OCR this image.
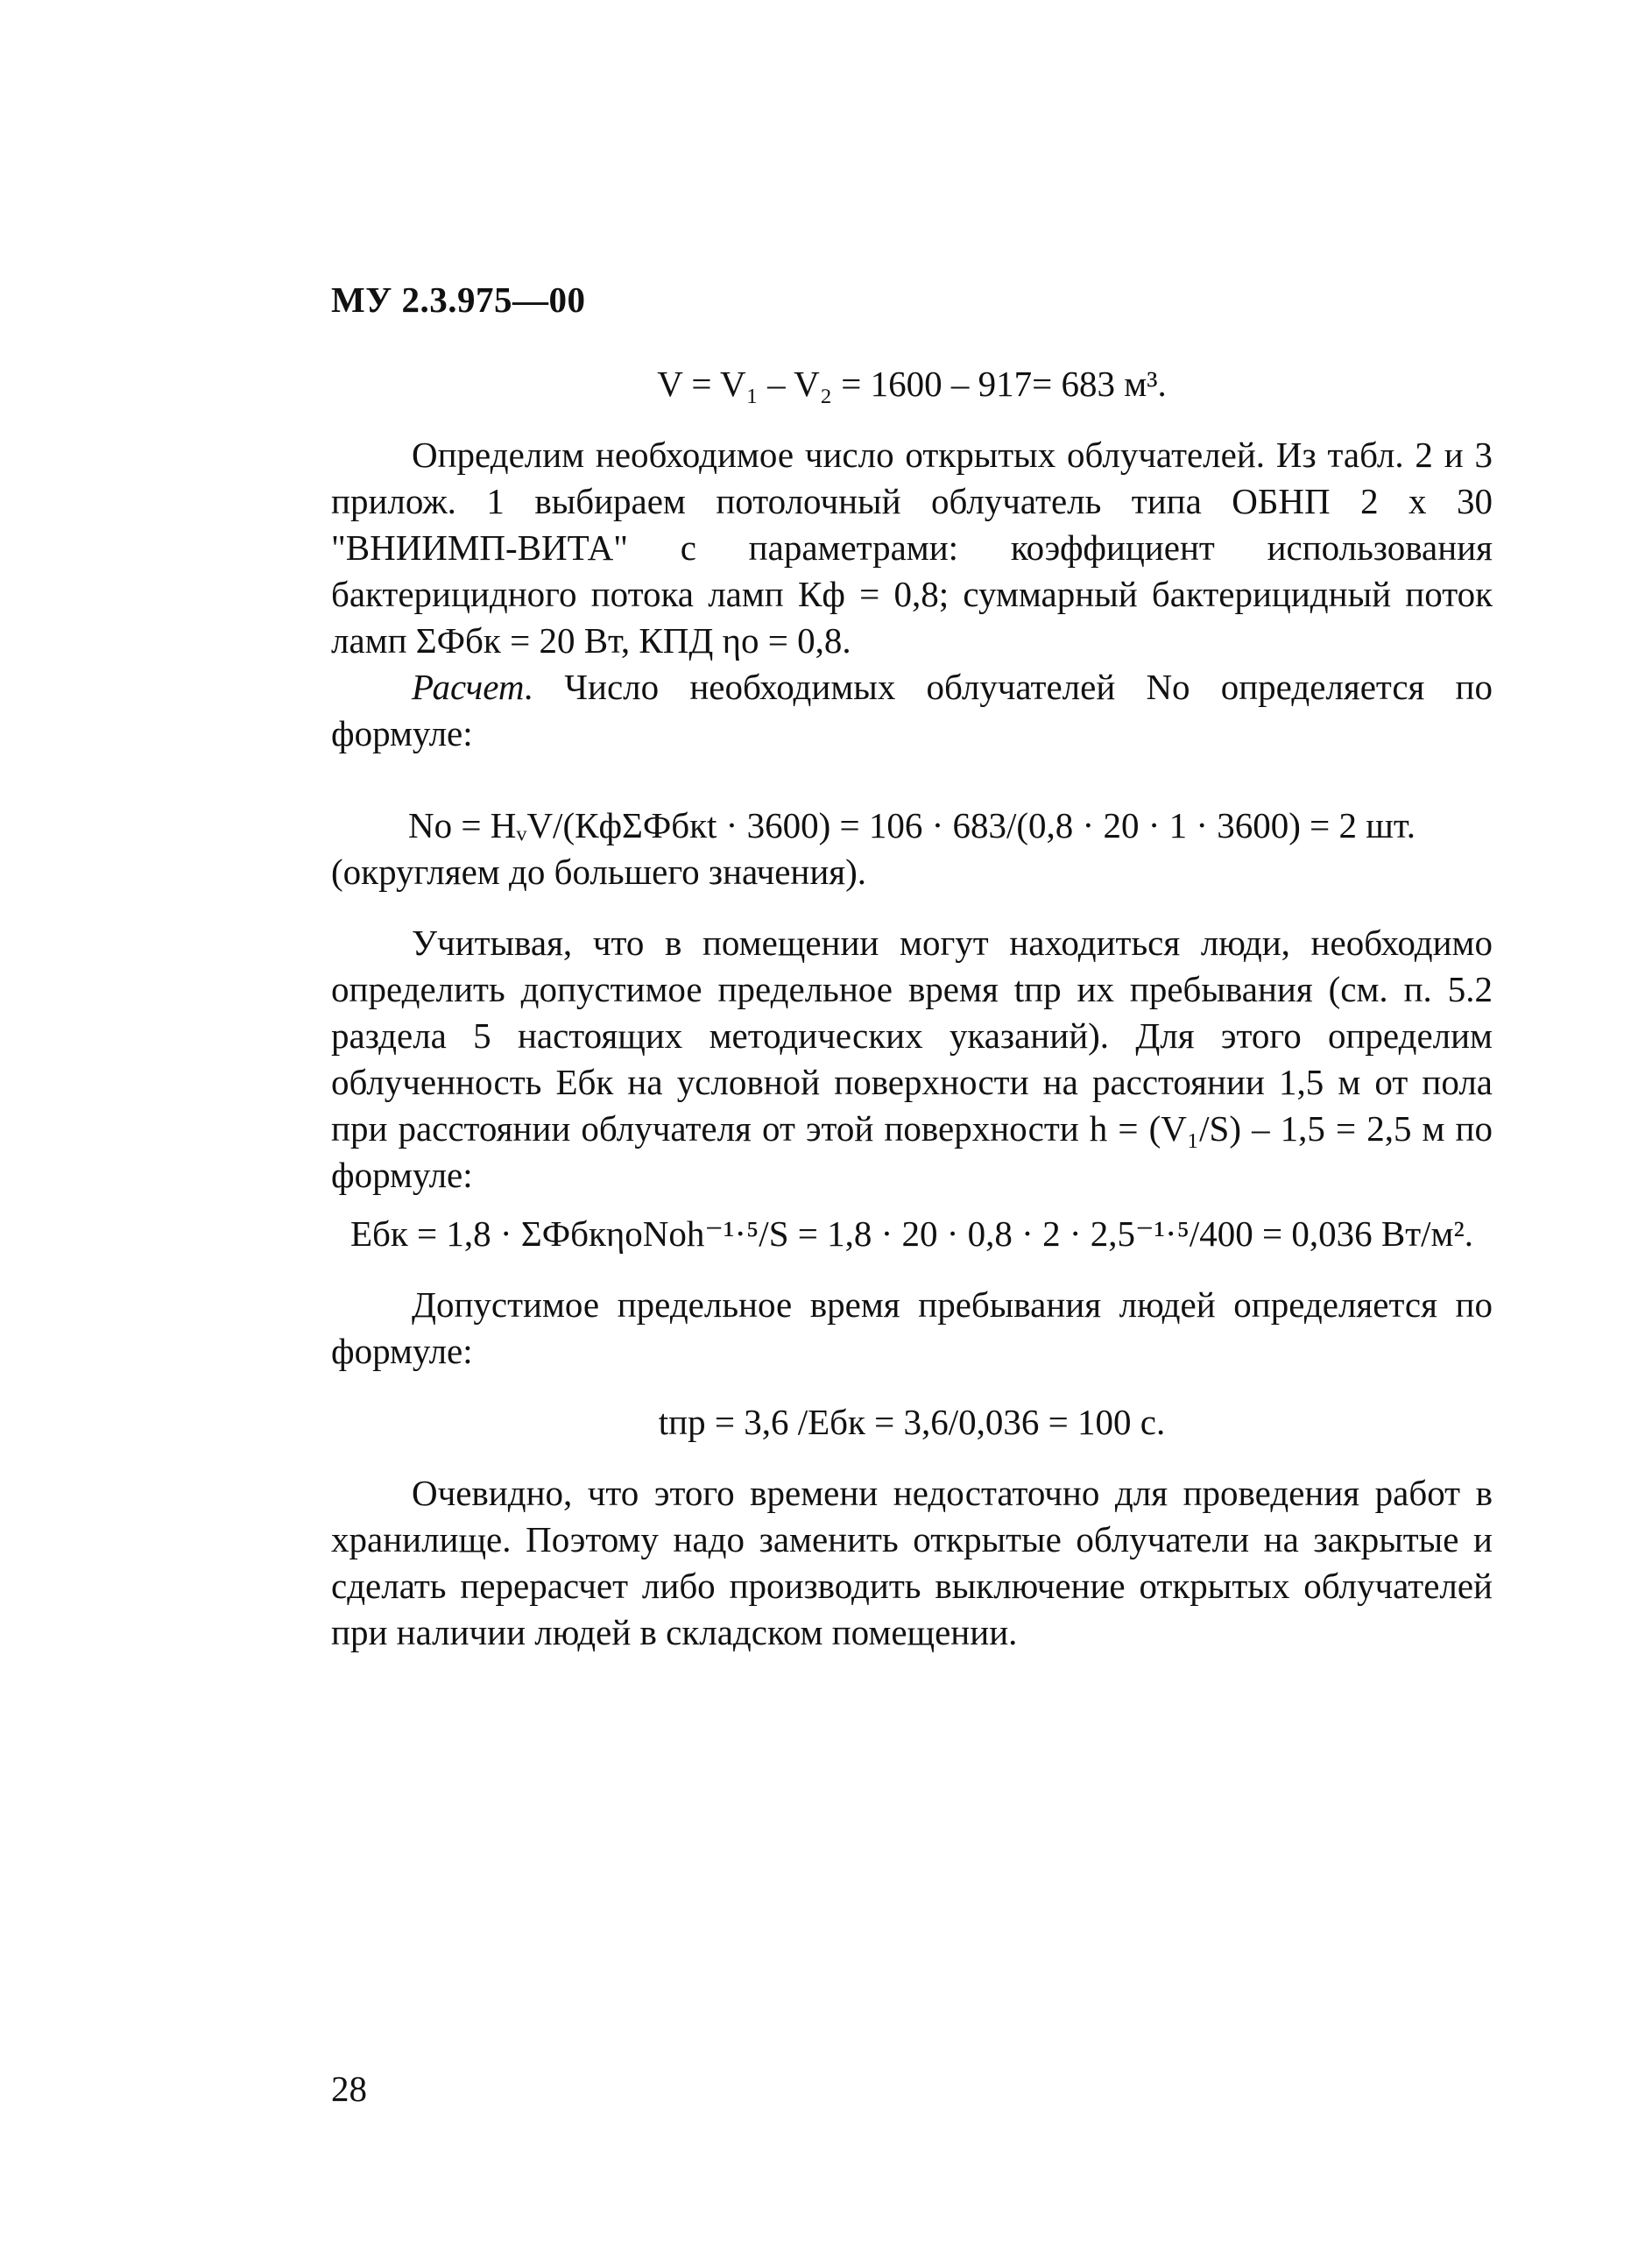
МУ 2.3.975—00
V = V₁ – V₂ = 1600 – 917= 683 м³.

Определим необходимое число открытых облучателей. Из табл. 2 и 3 прилож. 1 выбираем потолочный облучатель типа ОБНП 2 х 30 "ВНИИМП-ВИТА" с параметрами: коэффициент использования бактерицидного потока ламп Кф = 0,8; суммарный бактерицидный поток ламп ΣФбк = 20 Вт, КПД ηо = 0,8.

Расчет. Число необходимых облучателей Nо определяется по формуле:

Nо = HᵥV/(КфΣФбкt · 3600) = 106 · 683/(0,8 · 20 · 1 · 3600) = 2 шт.

(округляем до большего значения).

Учитывая, что в помещении могут находиться люди, необходимо определить допустимое предельное время tпр их пребывания (см. п. 5.2 раздела 5 настоящих методических указаний). Для этого определим облученность Eбк на условной поверхности на расстоянии 1,5 м от пола при расстоянии облучателя от этой поверхности h = (V₁/S) – 1,5 = 2,5 м по формуле:

Eбк = 1,8 · ΣФбкηоNоh⁻¹·⁵/S = 1,8 · 20 · 0,8 · 2 · 2,5⁻¹·⁵/400 = 0,036 Вт/м².

Допустимое предельное время пребывания людей определяется по формуле:

tпр = 3,6 /Eбк = 3,6/0,036 = 100 с.

Очевидно, что этого времени недостаточно для проведения работ в хранилище. Поэтому надо заменить открытые облучатели на закрытые и сделать перерасчет либо производить выключение открытых облучателей при наличии людей в складском помещении.

28
